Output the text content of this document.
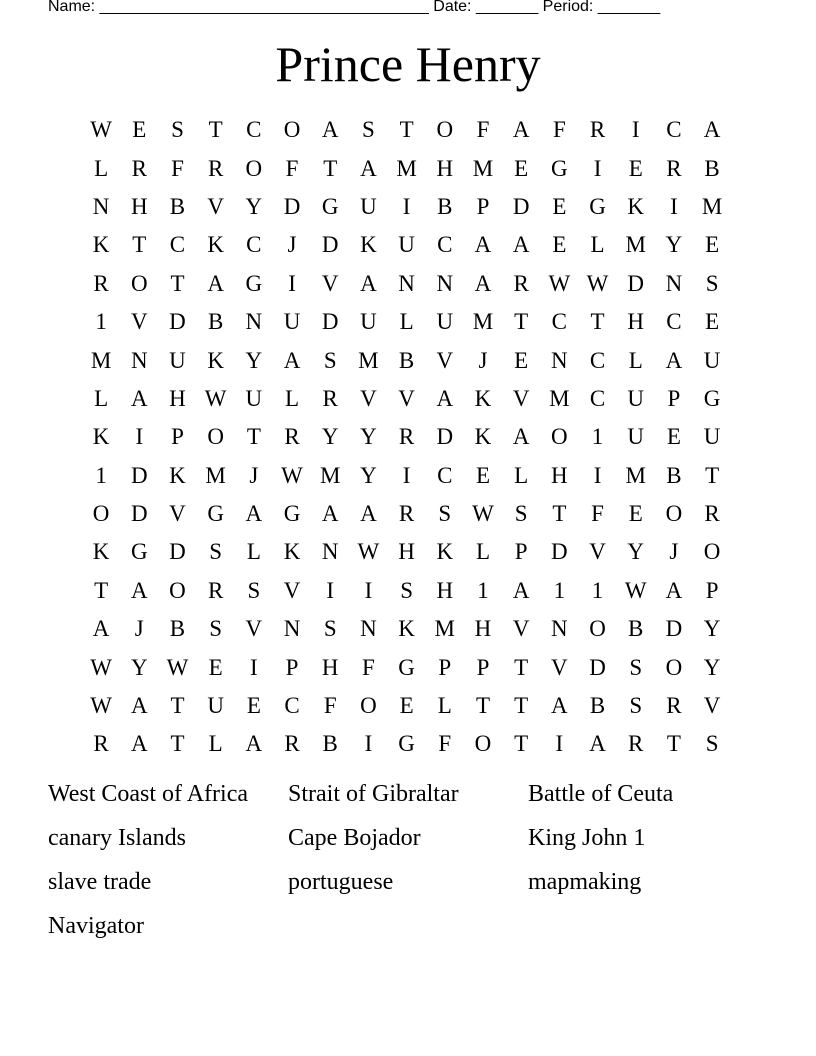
Name: _____________________________________ Date: _______ Period: _______
Prince Henry
W E	S	T	C O A	S	T O	F	A	F	R	I	C A
L	R	F	R O	F	T A M H M E G	I	E	R B
N H B V Y D G U	I	B	P	D E G K	I	M
K T	C K C	J	D K U C A A E	L M Y E
R O T A G	I	V A N N A R W W D N	S
1	V D B N U D U L U M T	C	T H C	E
M N U K Y A	S M B V	J	E N C	L A U
L A H W U L	R V V A K V M C U	P	G
K	I	P	O T	R Y Y R D K A O	1	U E U
1	D K M	J W M Y	I	C	E	L H	I	M B	T
O D V G A G A A R	S W S	T	F	E O R
K G D	S	L K N W H K L	P	D V Y	J	O
T A O R	S	V	I	I	S	H	1	A	1	1 W A	P
A	J	B	S	V N	S	N K M H V N O B D Y
W Y W E	I	P	H	F	G	P	P	T V D	S	O Y
W A T U E	C	F	O E	L	T	T A B	S	R V
R A T	L A R B	I	G	F	O T	I	A R	T	S
West Coast of Africa	Strait of Gibraltar	Battle of Ceuta
canary Islands	Cape Bojador	King John 1
slave trade	portuguese	mapmaking
Navigator
